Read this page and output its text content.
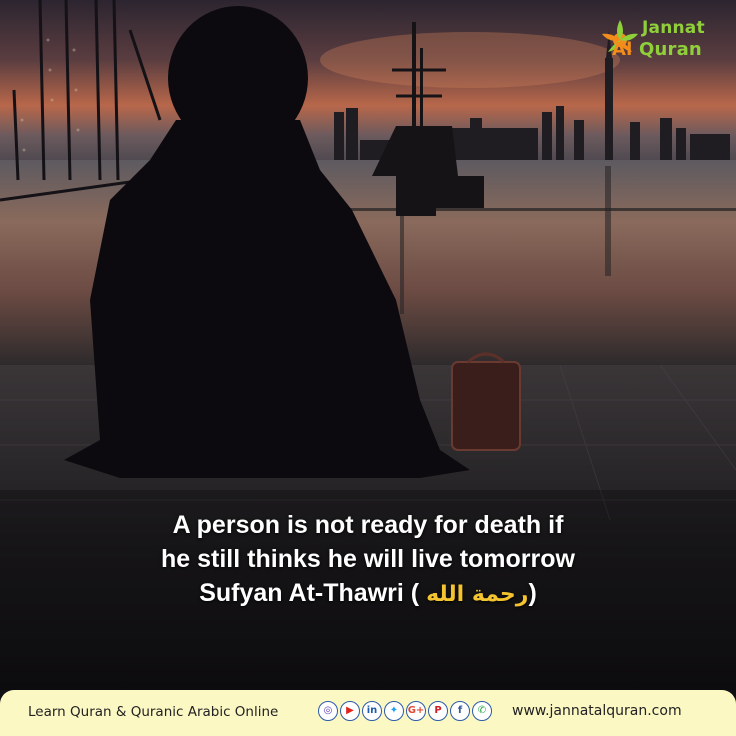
Jannat
Al Quran
A person is not ready for death if
he still thinks he will live tomorrow
Sufyan At-Thawri ( رحمة الله)
Learn Quran & Quranic Arabic Online	◎ ▶ in ✦ G+ P f ✆ www.jannatalquran.com
